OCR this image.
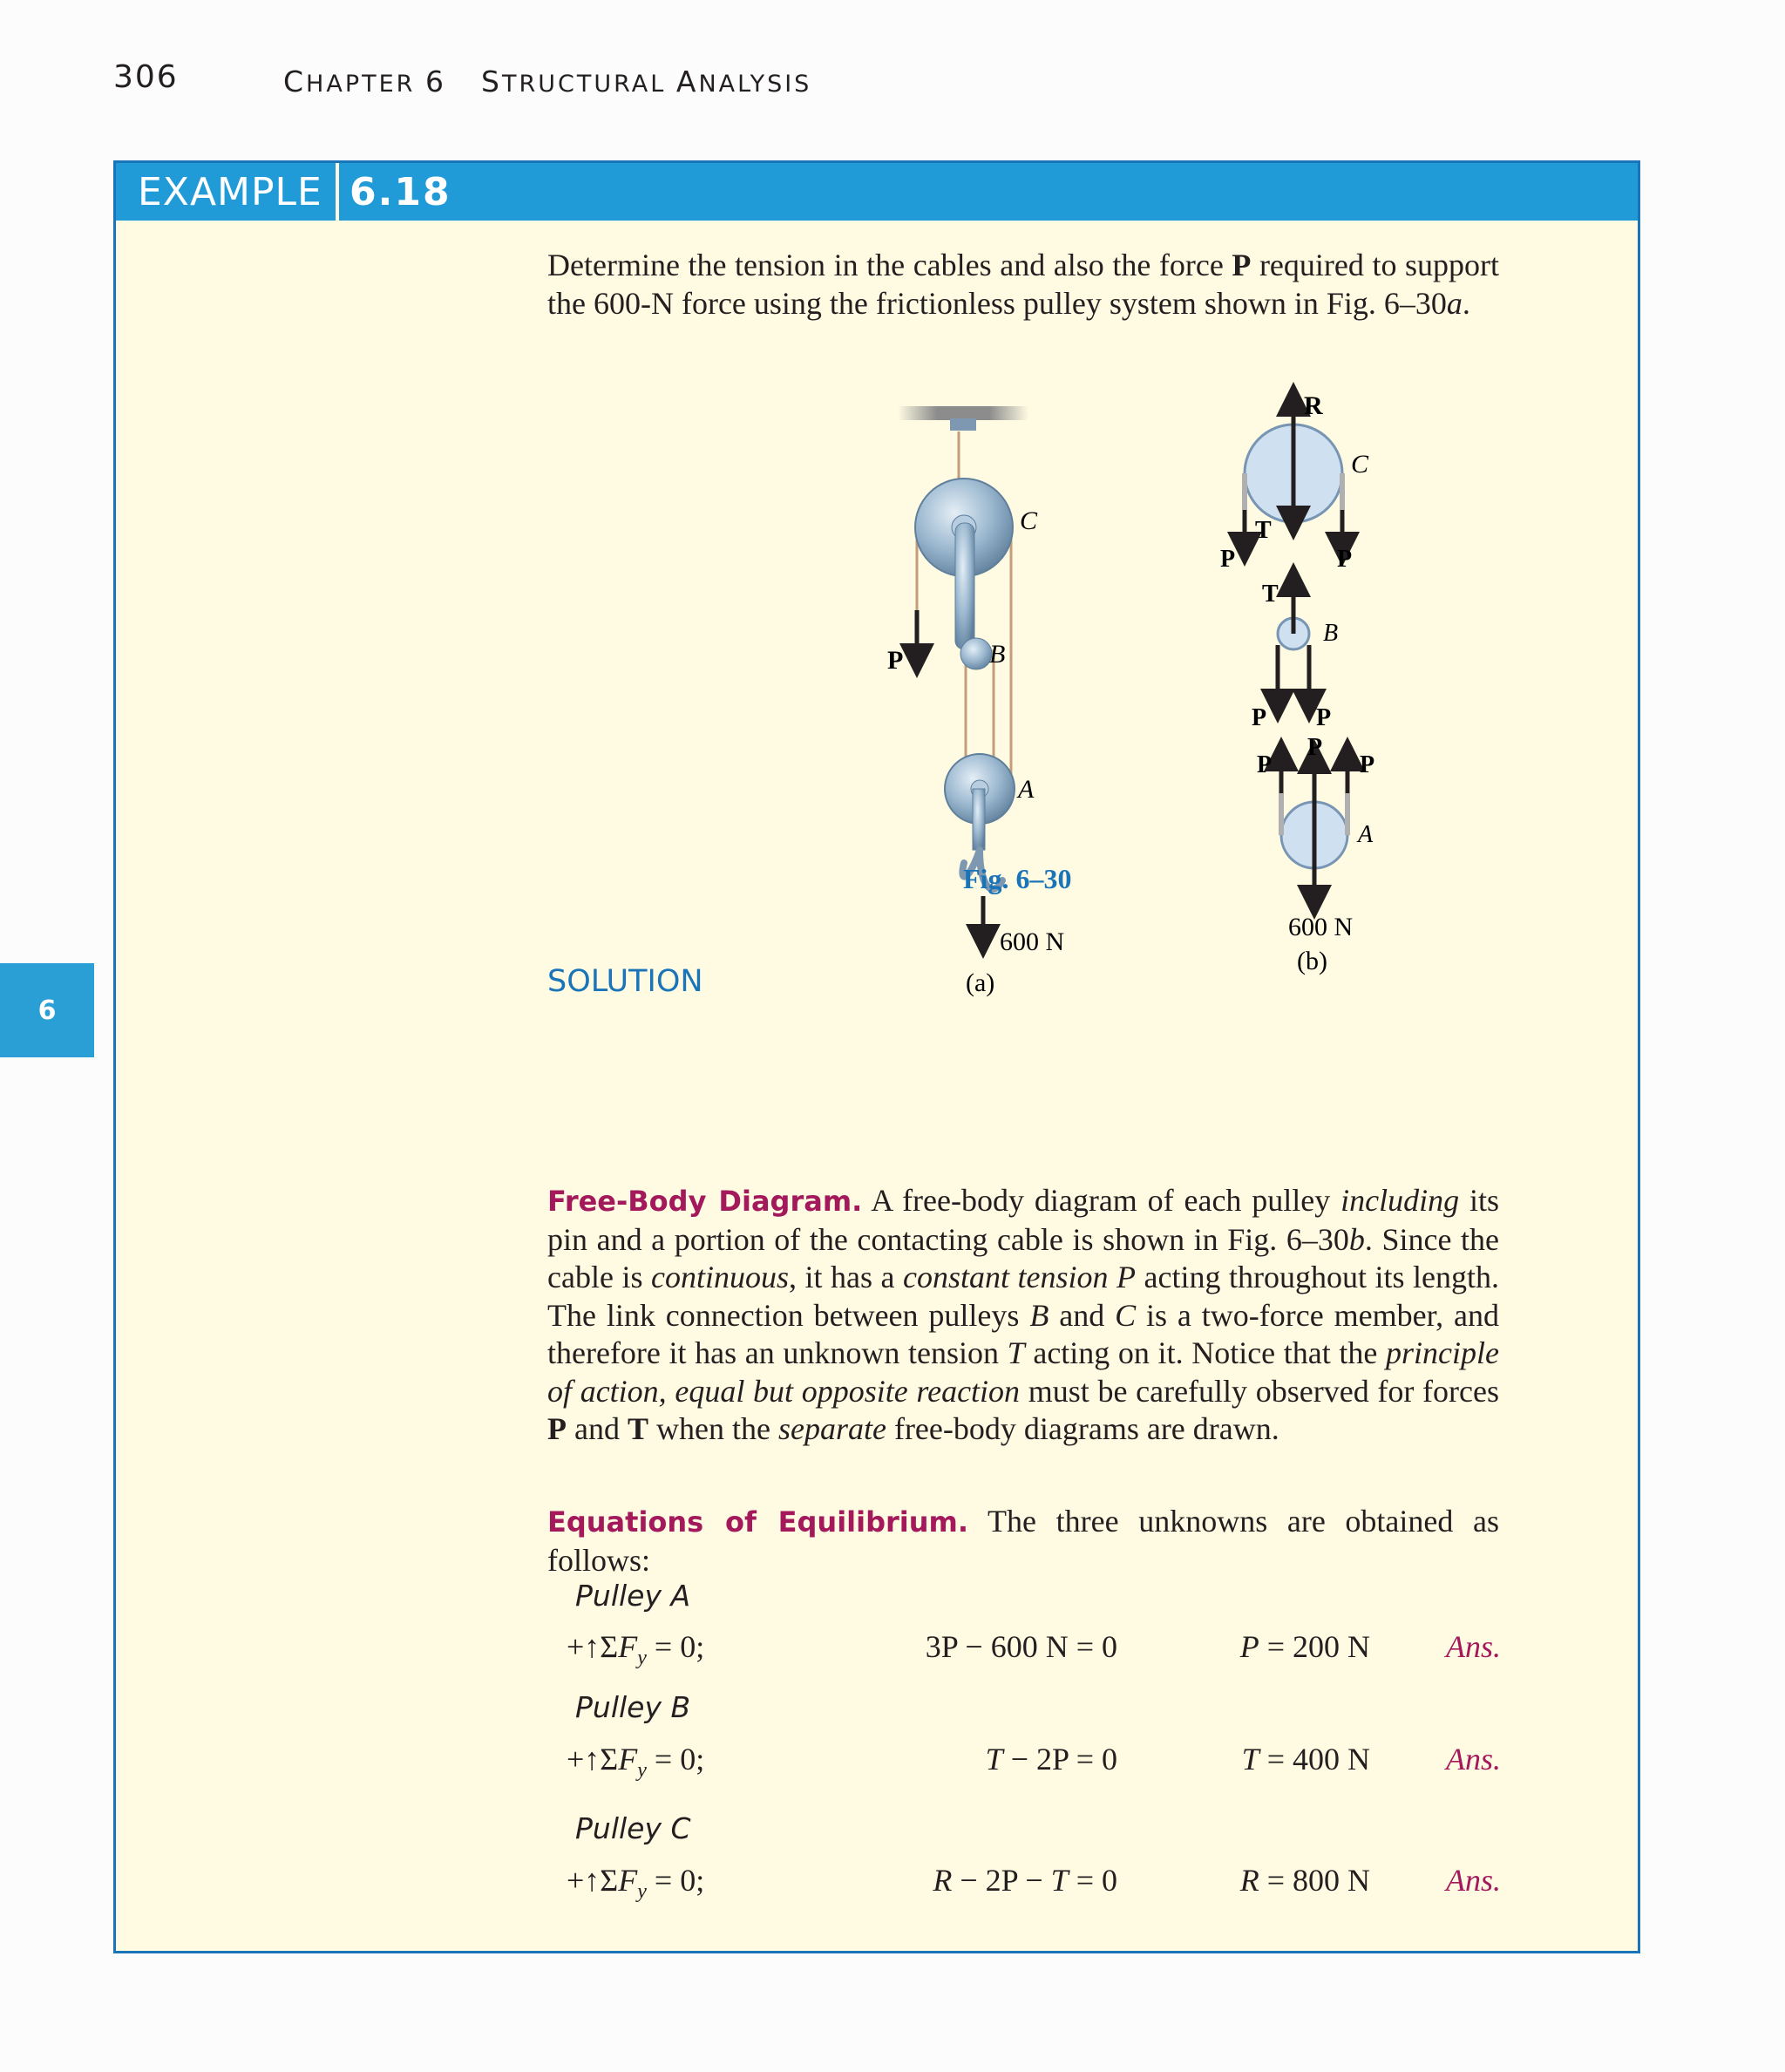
306	CHAPTER 6 STRUCTURAL ANALYSIS
6
EXAMPLE 6.18
Determine the tension in the cables and also the force P required to support the 600-N force using the frictionless pulley system shown in Fig. 6–30a.
P
C
B
A
600 N
(a)
R
C
T
P	P
T
B
P P
P
P
P
A
600 N
(b)
Fig. 6–30
SOLUTION
Free-Body Diagram. A free-body diagram of each pulley including its pin and a portion of the contacting cable is shown in Fig. 6–30b. Since the cable is continuous, it has a constant tension P acting throughout its length. The link connection between pulleys B and C is a two-force member, and therefore it has an unknown tension T acting on it. Notice that the principle of action, equal but opposite reaction must be carefully observed for forces P and T when the separate free-body diagrams are drawn.
Equations of Equilibrium. The three unknowns are obtained as follows:
Pulley A
$+↑\Sigma F_y = 0$;	3P − 600 N = 0	P = 200 N Ans.
Pulley B
$+↑\Sigma F_y = 0$;	T − 2P = 0	T = 400 N Ans.
Pulley C
$+↑\Sigma F_y = 0$;	R − 2P − T = 0	R = 800 N Ans.
